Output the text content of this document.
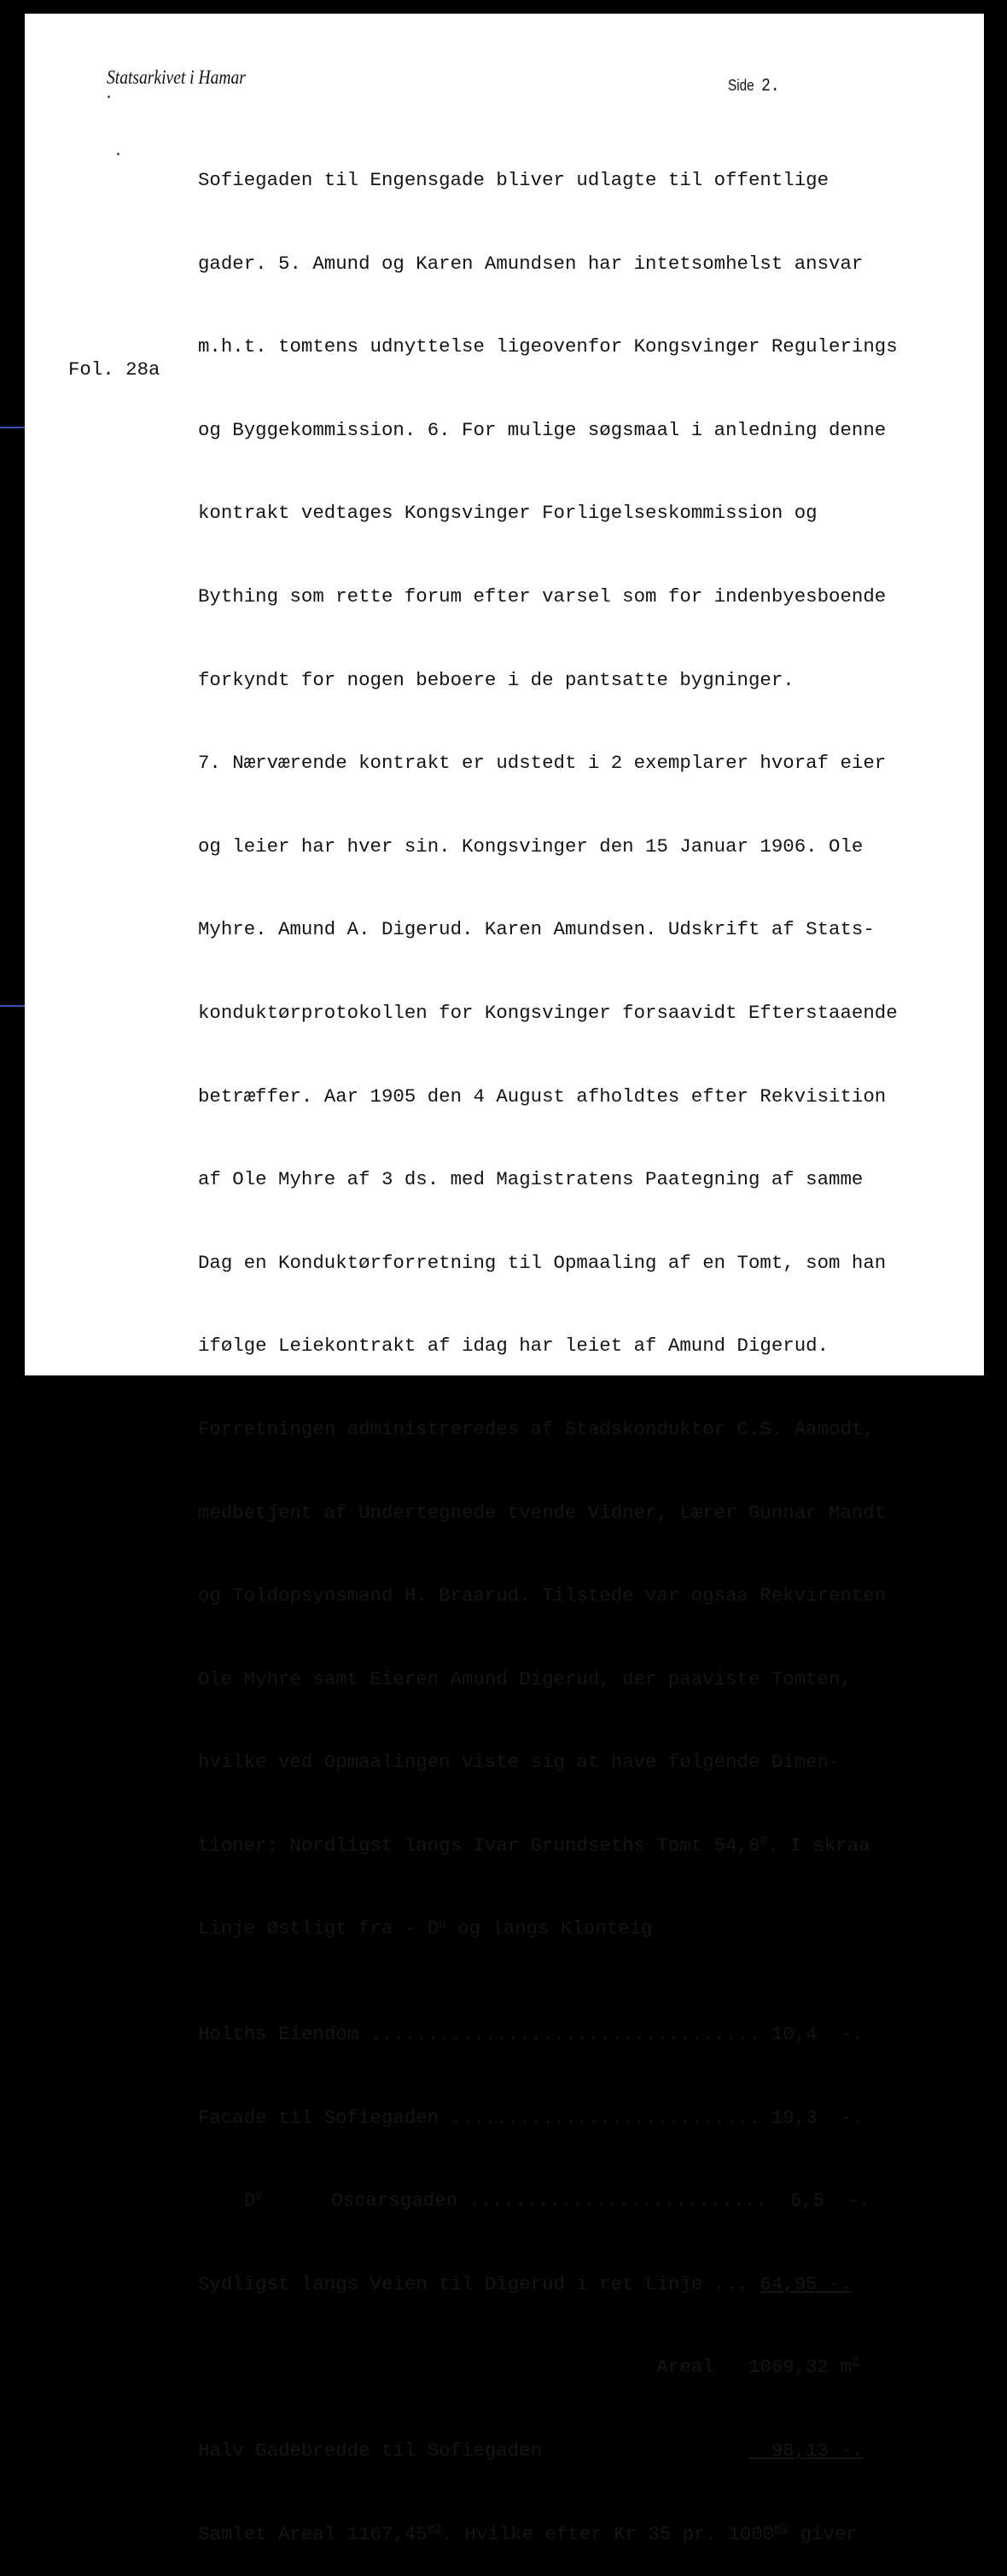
Statsarkivet i Hamar	Side 2.
Fol. 28a

Sofiegaden til Engensgade bliver udlagte til offentlige

gader. 5. Amund og Karen Amundsen har intetsomhelst ansvar

m.h.t. tomtens udnyttelse ligeovenfor Kongsvinger Regulerings

og Byggekommission. 6. For mulige søgsmaal i anledning denne

kontrakt vedtages Kongsvinger Forligelseskommission og

Bything som rette forum efter varsel som for indenbyesboende

forkyndt for nogen beboere i de pantsatte bygninger.

7. Nærværende kontrakt er udstedt i 2 exemplarer hvoraf eier

og leier har hver sin. Kongsvinger den 15 Januar 1906. Ole

Myhre. Amund A. Digerud. Karen Amundsen. Udskrift af Stats-

konduktørprotokollen for Kongsvinger forsaavidt Efterstaaende

betræffer. Aar 1905 den 4 August afholdtes efter Rekvisition

af Ole Myhre af 3 ds. med Magistratens Paategning af samme

Dag en Konduktørforretning til Opmaaling af en Tomt, som han

ifølge Leiekontrakt af idag har leiet af Amund Digerud.

Forretningen administreredes af Stadskonduktør C.S. Aamodt,

medbetjent af Undertegnede tvende Vidner, Lærer Gunnar Mandt

og Toldopsynsmand H. Braarud. Tilstede var ogsaa Rekvirenten

Ole Myhre samt Eieren Amund Digerud, der paaviste Tomten,

hvilke ved Opmaalingen viste sig at have følgende Dimen-

tioner: Nordligst langs Ivar Grundseths Tomt 54,8$^m$. I skraa

Linje Østligt fra - $D^o$ og langs Klonteig

Holths Eiendom .................................. 10,4 -.

Facade til Sofiegaden ........................... 19,3 -.

$D^o$	Oscarsgaden .......................... 6,5 -.

Sydligst langs Veien til Digerud i ret Linje ... 64,95 -.

Areal 1069,32 $m^2$

Halv Gadebredde til Sofiegaden	98,13 -.

Samlet Areal $1167,45^{m2}$. Hvilke efter Kr 35 pr. $1000^{m2}$ giver
